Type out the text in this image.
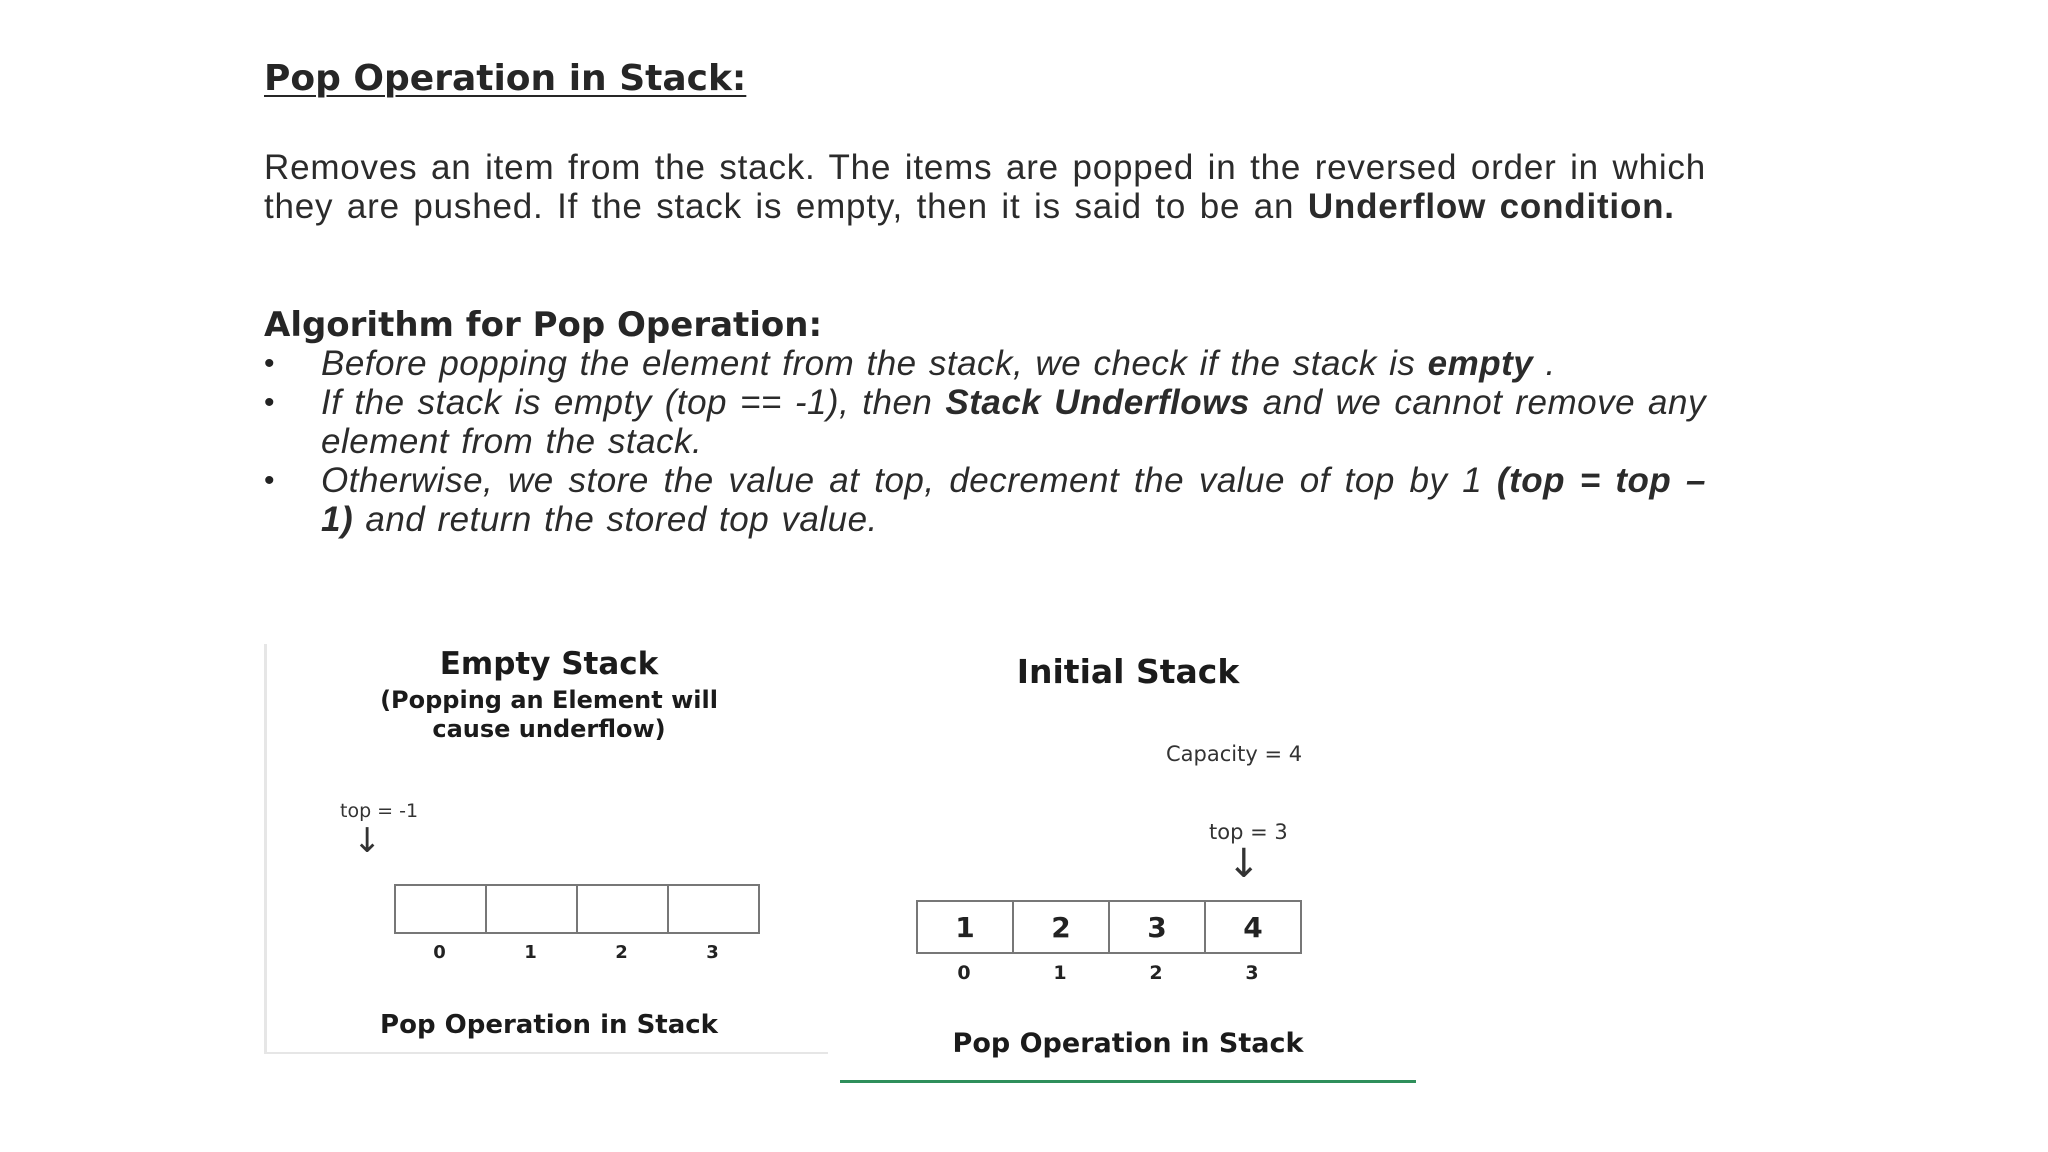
Pop Operation in Stack:

Removes an item from the stack. The items are popped in the reversed order in which they are pushed. If the stack is empty, then it is said to be an Underflow condition.

Algorithm for Pop Operation:
• Before popping the element from the stack, we check if the stack is empty .
• If the stack is empty (top == -1), then Stack Underflows and we cannot remove any element from the stack.
• Otherwise, we store the value at top, decrement the value of top by 1 (top = top – 1) and return the stored top value.
Empty Stack
(Popping an Element will
cause underflow)
top = -1
↓
0	1	2	3
Pop Operation in Stack
Initial Stack
Capacity = 4
top = 3
↓
1	2	3	4
0	1	2	3
Pop Operation in Stack
